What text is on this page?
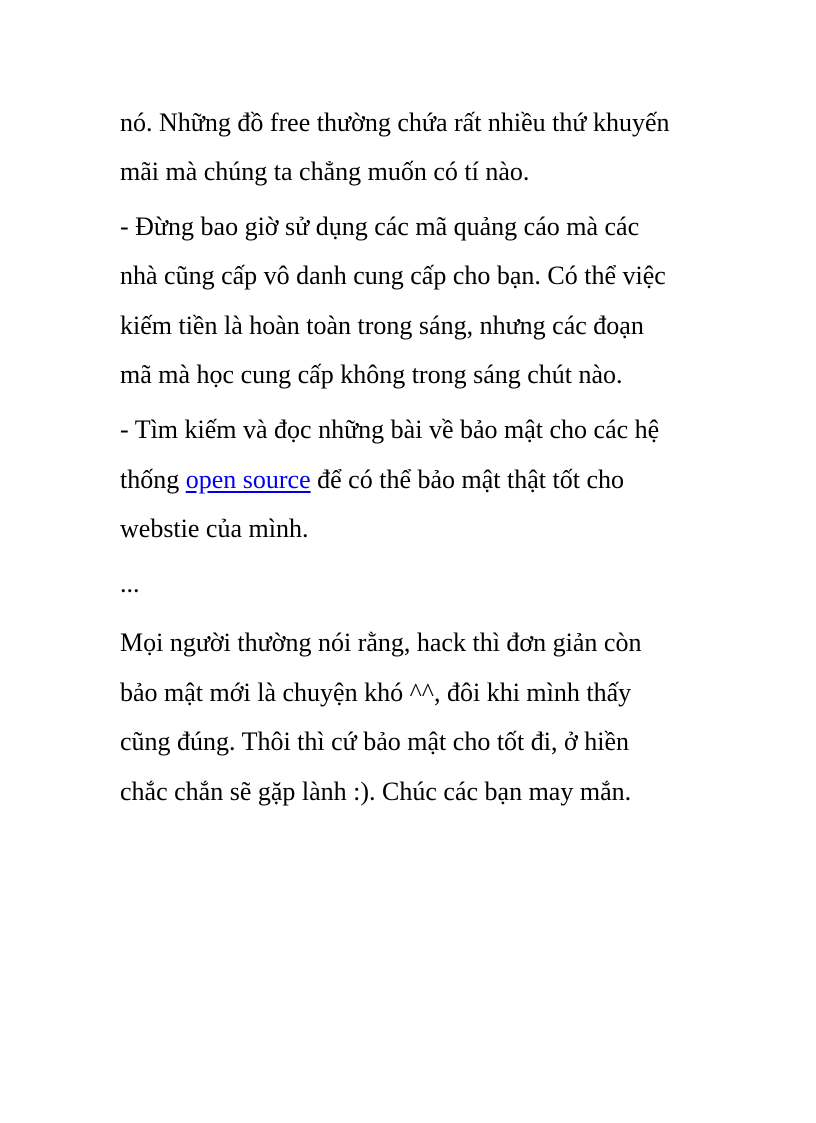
nó. Những đồ free thường chứa rất nhiều thứ khuyến
mãi mà chúng ta chẳng muốn có tí nào.
- Đừng bao giờ sử dụng các mã quảng cáo mà các
nhà cũng cấp vô danh cung cấp cho bạn. Có thể việc
kiếm tiền là hoàn toàn trong sáng, nhưng các đoạn
mã mà học cung cấp không trong sáng chút nào.
- Tìm kiếm và đọc những bài về bảo mật cho các hệ
thống open source để có thể bảo mật thật tốt cho
webstie của mình.
...
Mọi người thường nói rằng, hack thì đơn giản còn
bảo mật mới là chuyện khó ^^, đôi khi mình thấy
cũng đúng. Thôi thì cứ bảo mật cho tốt đi, ở hiền
chắc chắn sẽ gặp lành :). Chúc các bạn may mắn.
